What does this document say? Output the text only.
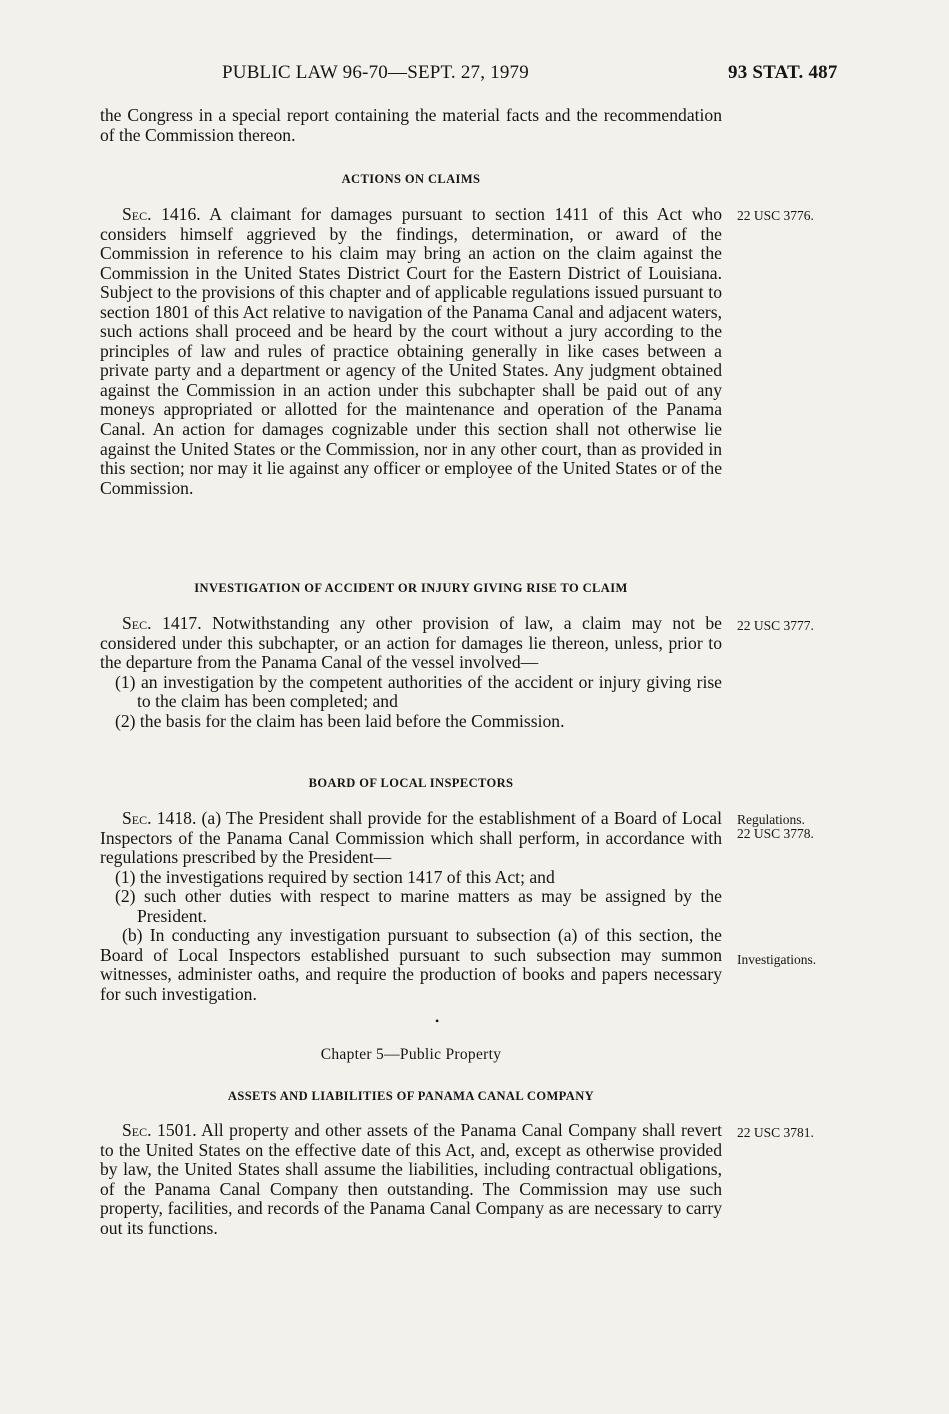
PUBLIC LAW 96-70—SEPT. 27, 1979	93 STAT. 487

the Congress in a special report containing the material facts and the recommendation of the Commission thereon.

ACTIONS ON CLAIMS

Sec. 1416. A claimant for damages pursuant to section 1411 of this Act who considers himself aggrieved by the findings, determination, or award of the Commission in reference to his claim may bring an action on the claim against the Commission in the United States District Court for the Eastern District of Louisiana. Subject to the provisions of this chapter and of applicable regulations issued pursuant to section 1801 of this Act relative to navigation of the Panama Canal and adjacent waters, such actions shall proceed and be heard by the court without a jury according to the principles of law and rules of practice obtaining generally in like cases between a private party and a department or agency of the United States. Any judgment obtained against the Commission in an action under this subchapter shall be paid out of any moneys appropriated or allotted for the maintenance and operation of the Panama Canal. An action for damages cognizable under this section shall not otherwise lie against the United States or the Commission, nor in any other court, than as provided in this section; nor may it lie against any officer or employee of the United States or of the Commission.

22 USC 3776.
INVESTIGATION OF ACCIDENT OR INJURY GIVING RISE TO CLAIM

Sec. 1417. Notwithstanding any other provision of law, a claim may not be considered under this subchapter, or an action for damages lie thereon, unless, prior to the departure from the Panama Canal of the vessel involved—

(1) an investigation by the competent authorities of the accident or injury giving rise to the claim has been completed; and

(2) the basis for the claim has been laid before the Commission.

22 USC 3777.
BOARD OF LOCAL INSPECTORS

Sec. 1418. (a) The President shall provide for the establishment of a Board of Local Inspectors of the Panama Canal Commission which shall perform, in accordance with regulations prescribed by the President—

(1) the investigations required by section 1417 of this Act; and

(2) such other duties with respect to marine matters as may be assigned by the President.

(b) In conducting any investigation pursuant to subsection (a) of this section, the Board of Local Inspectors established pursuant to such subsection may summon witnesses, administer oaths, and require the production of books and papers necessary for such investigation.

Regulations.
22 USC 3778.
Investigations.
•
Chapter 5—Public Property
ASSETS AND LIABILITIES OF PANAMA CANAL COMPANY

Sec. 1501. All property and other assets of the Panama Canal Company shall revert to the United States on the effective date of this Act, and, except as otherwise provided by law, the United States shall assume the liabilities, including contractual obligations, of the Panama Canal Company then outstanding. The Commission may use such property, facilities, and records of the Panama Canal Company as are necessary to carry out its functions.

22 USC 3781.
